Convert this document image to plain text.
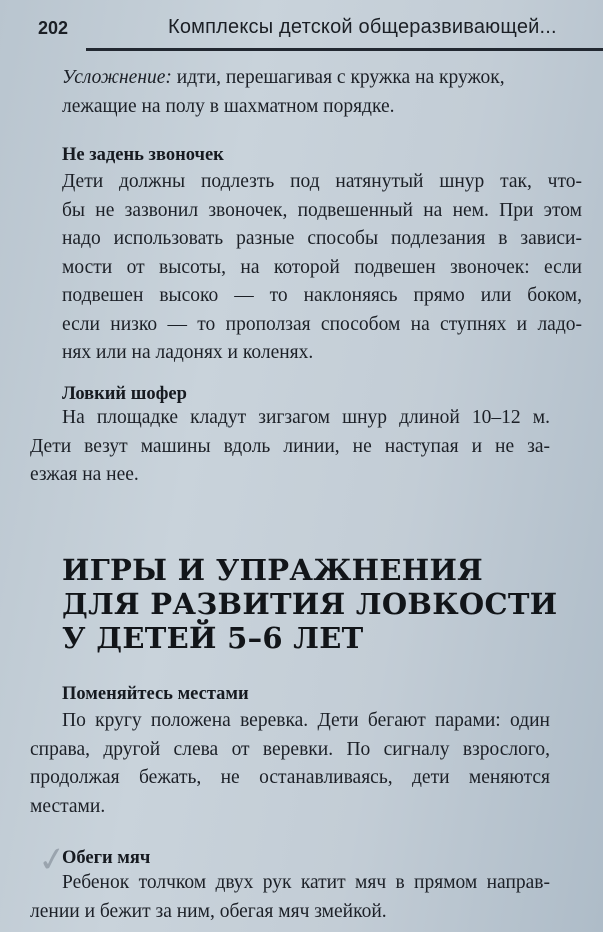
202	Комплексы детской общеразвивающей...
Усложнение: идти, перешагивая с кружка на кружок,
лежащие на полу в шахматном порядке.
Не задень звоночек
Дети должны подлезть под натянутый шнур так, что-
бы не зазвонил звоночек, подвешенный на нем. При этом
надо использовать разные способы подлезания в зависи-
мости от высоты, на которой подвешен звоночек: если
подвешен высоко — то наклоняясь прямо или боком,
если низко — то проползая способом на ступнях и ладо-
нях или на ладонях и коленях.
Ловкий шофер
На площадке кладут зигзагом шнур длиной 10–12 м.
Дети везут машины вдоль линии, не наступая и не за-
езжая на нее.
ИГРЫ И УПРАЖНЕНИЯ
ДЛЯ РАЗВИТИЯ ЛОВКОСТИ
У ДЕТЕЙ 5–6 ЛЕТ
Поменяйтесь местами
По кругу положена веревка. Дети бегают парами: один
справа, другой слева от веревки. По сигналу взрослого,
продолжая бежать, не останавливаясь, дети меняются
местами.
✓
Обеги мяч
Ребенок толчком двух рук катит мяч в прямом направ-
лении и бежит за ним, обегая мяч змейкой.
